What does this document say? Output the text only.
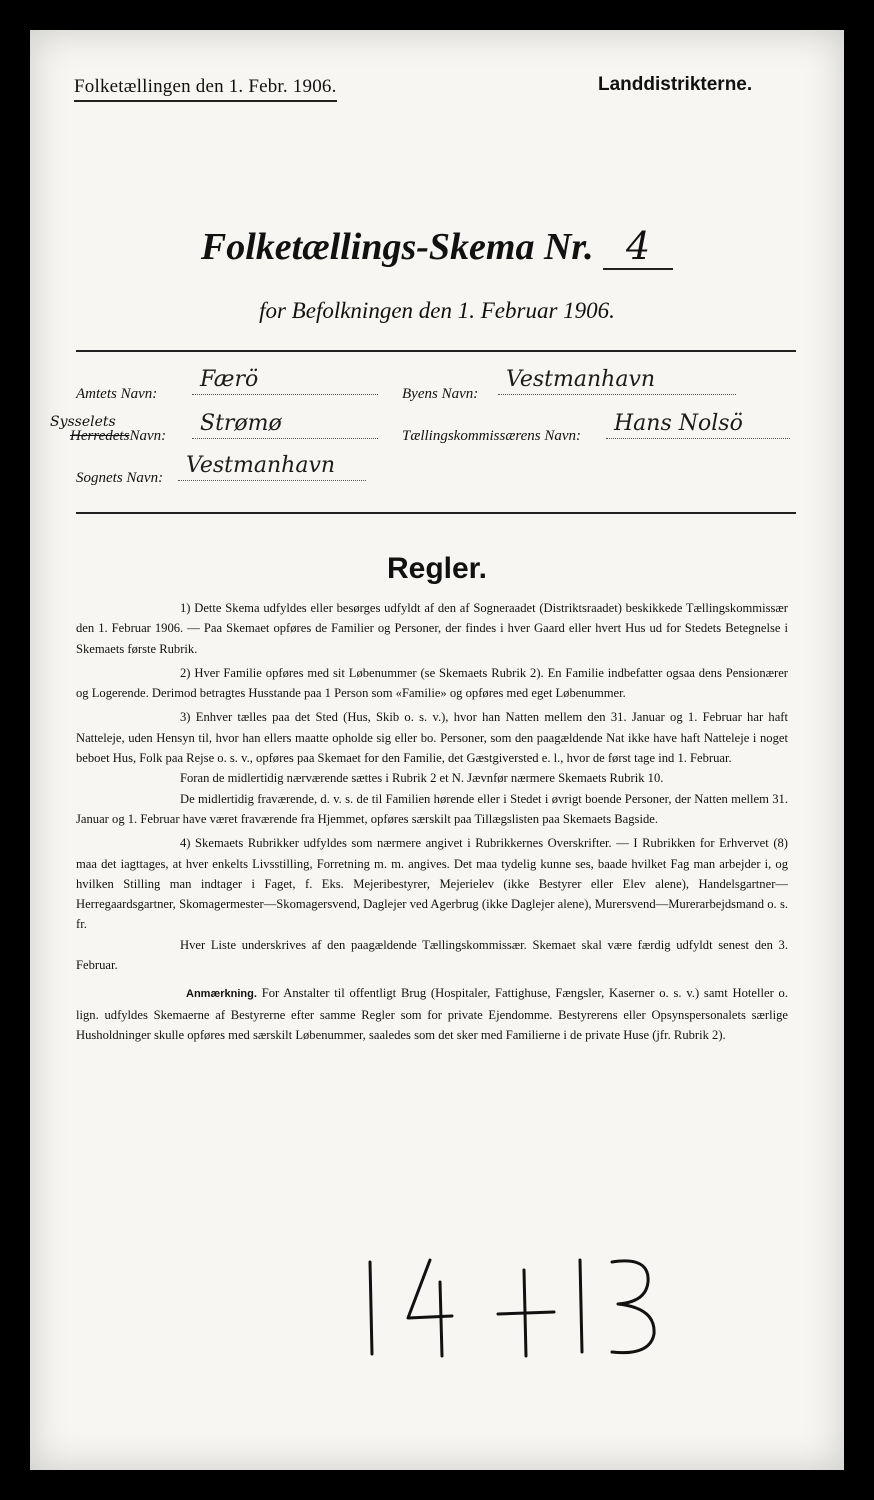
Folketællingen den 1. Febr. 1906.	Landdistrikterne.
Folketællings-Skema Nr. 4
for Befolkningen den 1. Februar 1906.
Amtets Navn:
Færö
Byens Navn:
Vestmanhavn
Sysselets
HerredetsNavn:	Strømø	Tællingskommissærens Navn:	Hans Nolsö
Sognets Navn:	Vestmanhavn
Regler.

1) Dette Skema udfyldes eller besørges udfyldt af den af Sogneraadet (Distriktsraadet) beskikkede Tællingskommissær den 1. Februar 1906. — Paa Skemaet opføres de Familier og Personer, der findes i hver Gaard eller hvert Hus ud for Stedets Betegnelse i Skemaets første Rubrik.

2) Hver Familie opføres med sit Løbenummer (se Skemaets Rubrik 2). En Familie indbefatter ogsaa dens Pensionærer og Logerende. Derimod betragtes Husstande paa 1 Person som «Familie» og opføres med eget Løbenummer.

3) Enhver tælles paa det Sted (Hus, Skib o. s. v.), hvor han Natten mellem den 31. Januar og 1. Februar har haft Natteleje, uden Hensyn til, hvor han ellers maatte opholde sig eller bo. Personer, som den paagældende Nat ikke have haft Natteleje i noget beboet Hus, Folk paa Rejse o. s. v., opføres paa Skemaet for den Familie, det Gæstgiversted e. l., hvor de først tage ind 1. Februar.

Foran de midlertidig nærværende sættes i Rubrik 2 et N. Jævnfør nærmere Skemaets Rubrik 10.

De midlertidig fraværende, d. v. s. de til Familien hørende eller i Stedet i øvrigt boende Personer, der Natten mellem 31. Januar og 1. Februar have været fraværende fra Hjemmet, opføres særskilt paa Tillægslisten paa Skemaets Bagside.

4) Skemaets Rubrikker udfyldes som nærmere angivet i Rubrikkernes Overskrifter. — I Rubrikken for Erhvervet (8) maa det iagttages, at hver enkelts Livsstilling, Forretning m. m. angives. Det maa tydelig kunne ses, baade hvilket Fag man arbejder i, og hvilken Stilling man indtager i Faget, f. Eks. Mejeribestyrer, Mejerielev (ikke Bestyrer eller Elev alene), Handelsgartner—Herregaardsgartner, Skomagermester—Skomagersvend, Daglejer ved Agerbrug (ikke Daglejer alene), Murersvend—Murerarbejdsmand o. s. fr.

Hver Liste underskrives af den paagældende Tællingskommissær. Skemaet skal være færdig udfyldt senest den 3. Februar.

Anmærkning. For Anstalter til offentligt Brug (Hospitaler, Fattighuse, Fængsler, Kaserner o. s. v.) samt Hoteller o. lign. udfyldes Skemaerne af Bestyrerne efter samme Regler som for private Ejendomme. Bestyrerens eller Opsynspersonalets særlige Husholdninger skulle opføres med særskilt Løbenummer, saaledes som det sker med Familierne i de private Huse (jfr. Rubrik 2).
